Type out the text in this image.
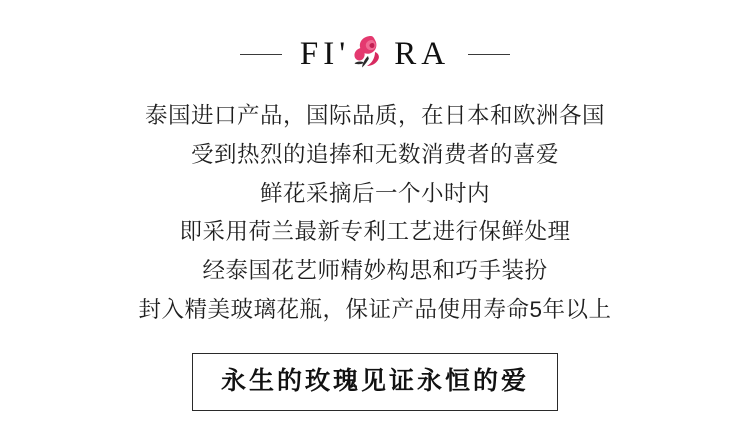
FI ' RA

泰国进口产品，国际品质，在日本和欧洲各国

受到热烈的追捧和无数消费者的喜爱

鲜花采摘后一个小时内

即采用荷兰最新专利工艺进行保鲜处理

经泰国花艺师精妙构思和巧手装扮

封入精美玻璃花瓶，保证产品使用寿命5年以上

永生的玫瑰见证永恒的爱
